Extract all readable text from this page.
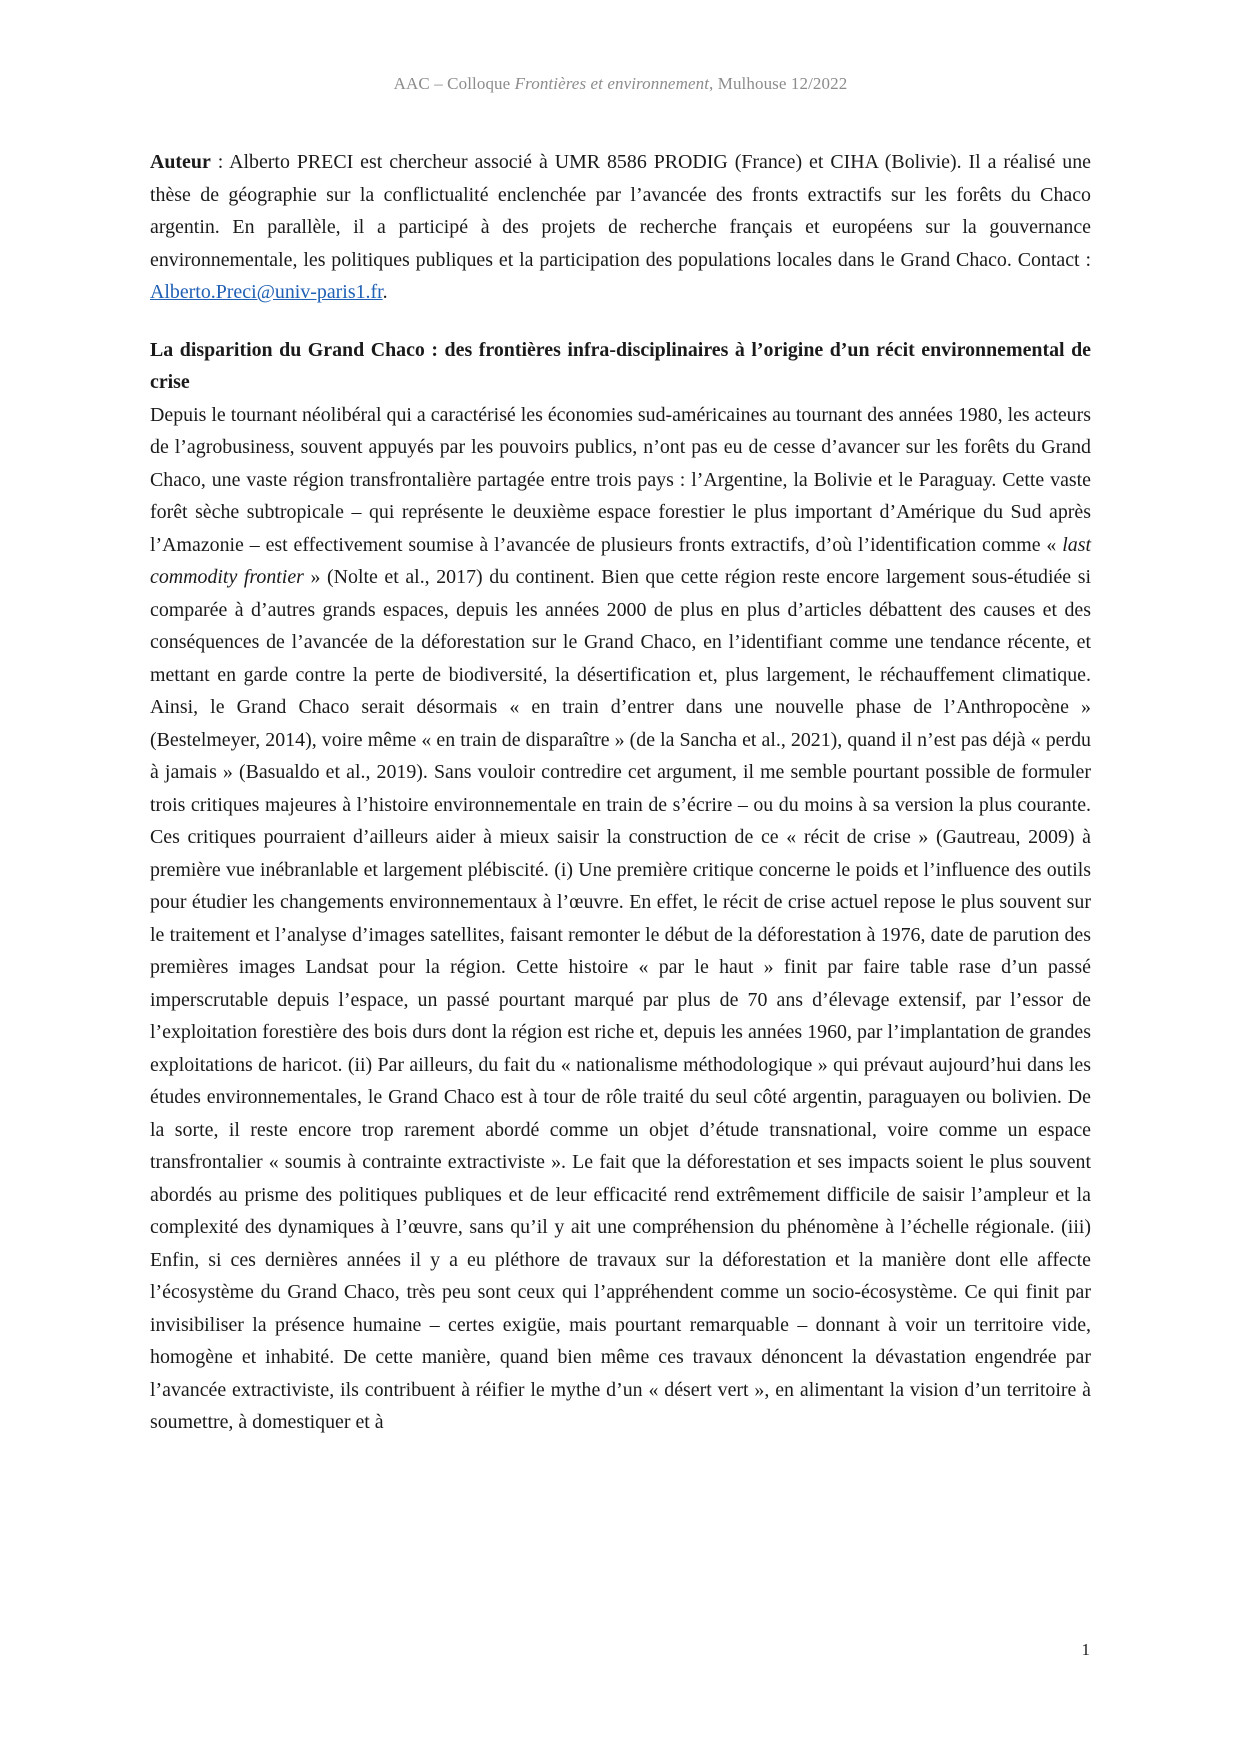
AAC – Colloque Frontières et environnement, Mulhouse 12/2022

Auteur : Alberto PRECI est chercheur associé à UMR 8586 PRODIG (France) et CIHA (Bolivie). Il a réalisé une thèse de géographie sur la conflictualité enclenchée par l’avancée des fronts extractifs sur les forêts du Chaco argentin. En parallèle, il a participé à des projets de recherche français et européens sur la gouvernance environnementale, les politiques publiques et la participation des populations locales dans le Grand Chaco. Contact : Alberto.Preci@univ-paris1.fr.

La disparition du Grand Chaco : des frontières infra-disciplinaires à l’origine d’un récit environnemental de crise

Depuis le tournant néolibéral qui a caractérisé les économies sud-américaines au tournant des années 1980, les acteurs de l’agrobusiness, souvent appuyés par les pouvoirs publics, n’ont pas eu de cesse d’avancer sur les forêts du Grand Chaco, une vaste région transfrontalière partagée entre trois pays : l’Argentine, la Bolivie et le Paraguay. Cette vaste forêt sèche subtropicale – qui représente le deuxième espace forestier le plus important d’Amérique du Sud après l’Amazonie – est effectivement soumise à l’avancée de plusieurs fronts extractifs, d’où l’identification comme « last commodity frontier » (Nolte et al., 2017) du continent. Bien que cette région reste encore largement sous-étudiée si comparée à d’autres grands espaces, depuis les années 2000 de plus en plus d’articles débattent des causes et des conséquences de l’avancée de la déforestation sur le Grand Chaco, en l’identifiant comme une tendance récente, et mettant en garde contre la perte de biodiversité, la désertification et, plus largement, le réchauffement climatique. Ainsi, le Grand Chaco serait désormais « en train d’entrer dans une nouvelle phase de l’Anthropocène » (Bestelmeyer, 2014), voire même « en train de disparaître » (de la Sancha et al., 2021), quand il n’est pas déjà « perdu à jamais » (Basualdo et al., 2019). Sans vouloir contredire cet argument, il me semble pourtant possible de formuler trois critiques majeures à l’histoire environnementale en train de s’écrire – ou du moins à sa version la plus courante. Ces critiques pourraient d’ailleurs aider à mieux saisir la construction de ce « récit de crise » (Gautreau, 2009) à première vue inébranlable et largement plébiscité. (i) Une première critique concerne le poids et l’influence des outils pour étudier les changements environnementaux à l’œuvre. En effet, le récit de crise actuel repose le plus souvent sur le traitement et l’analyse d’images satellites, faisant remonter le début de la déforestation à 1976, date de parution des premières images Landsat pour la région. Cette histoire « par le haut » finit par faire table rase d’un passé imperscrutable depuis l’espace, un passé pourtant marqué par plus de 70 ans d’élevage extensif, par l’essor de l’exploitation forestière des bois durs dont la région est riche et, depuis les années 1960, par l’implantation de grandes exploitations de haricot. (ii) Par ailleurs, du fait du « nationalisme méthodologique » qui prévaut aujourd’hui dans les études environnementales, le Grand Chaco est à tour de rôle traité du seul côté argentin, paraguayen ou bolivien. De la sorte, il reste encore trop rarement abordé comme un objet d’étude transnational, voire comme un espace transfrontalier « soumis à contrainte extractiviste ». Le fait que la déforestation et ses impacts soient le plus souvent abordés au prisme des politiques publiques et de leur efficacité rend extrêmement difficile de saisir l’ampleur et la complexité des dynamiques à l’œuvre, sans qu’il y ait une compréhension du phénomène à l’échelle régionale. (iii) Enfin, si ces dernières années il y a eu pléthore de travaux sur la déforestation et la manière dont elle affecte l’écosystème du Grand Chaco, très peu sont ceux qui l’appréhendent comme un socio-écosystème. Ce qui finit par invisibiliser la présence humaine – certes exigüe, mais pourtant remarquable – donnant à voir un territoire vide, homogène et inhabité. De cette manière, quand bien même ces travaux dénoncent la dévastation engendrée par l’avancée extractiviste, ils contribuent à réifier le mythe d’un « désert vert », en alimentant la vision d’un territoire à soumettre, à domestiquer et à

1
